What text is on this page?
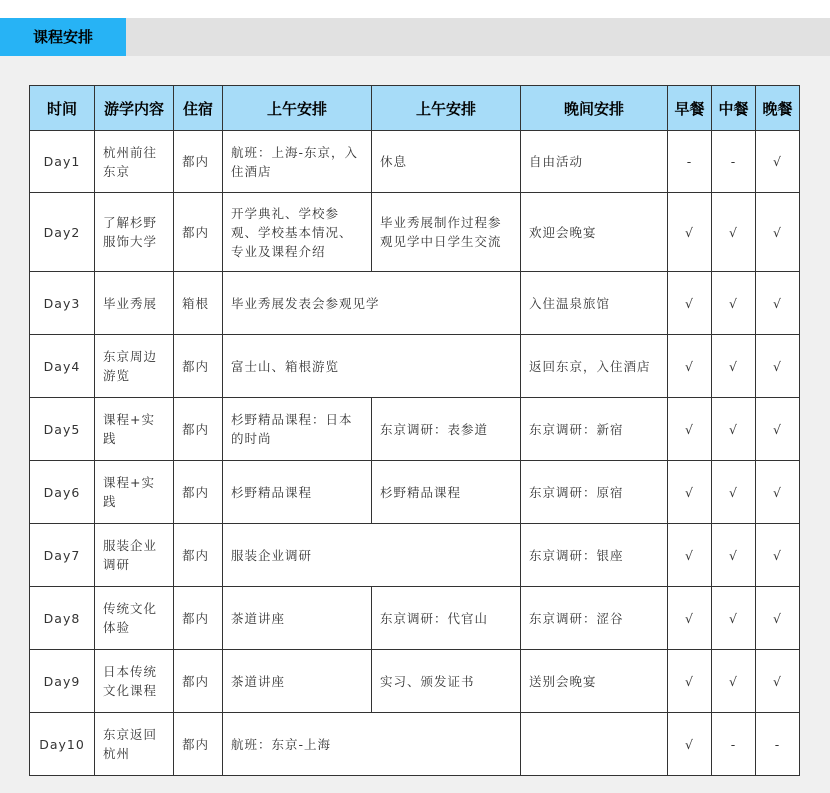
课程安排
时间	游学内容	住宿	上午安排	上午安排	晚间安排	早餐	中餐	晚餐
Day1	杭州前往东京	都内	航班：上海-东京，入住酒店	休息	自由活动	-	-	√
Day2	了解杉野服饰大学	都内	开学典礼、学校参观、学校基本情况、专业及课程介绍	毕业秀展制作过程参观见学中日学生交流	欢迎会晚宴	√	√	√
Day3	毕业秀展	箱根	毕业秀展发表会参观见学		入住温泉旅馆	√	√	√
Day4	东京周边游览	都内	富士山、箱根游览		返回东京，入住酒店	√	√	√
Day5	课程+实践	都内	杉野精品课程：日本的时尚	东京调研：表参道	东京调研：新宿	√	√	√
Day6	课程+实践	都内	杉野精品课程	杉野精品课程	东京调研：原宿	√	√	√
Day7	服装企业调研	都内	服装企业调研		东京调研：银座	√	√	√
Day8	传统文化体验	都内	茶道讲座	东京调研：代官山	东京调研：涩谷	√	√	√
Day9	日本传统文化课程	都内	茶道讲座	实习、颁发证书	送别会晚宴	√	√	√
Day10	东京返回杭州	都内	航班：东京-上海			√	-	-
